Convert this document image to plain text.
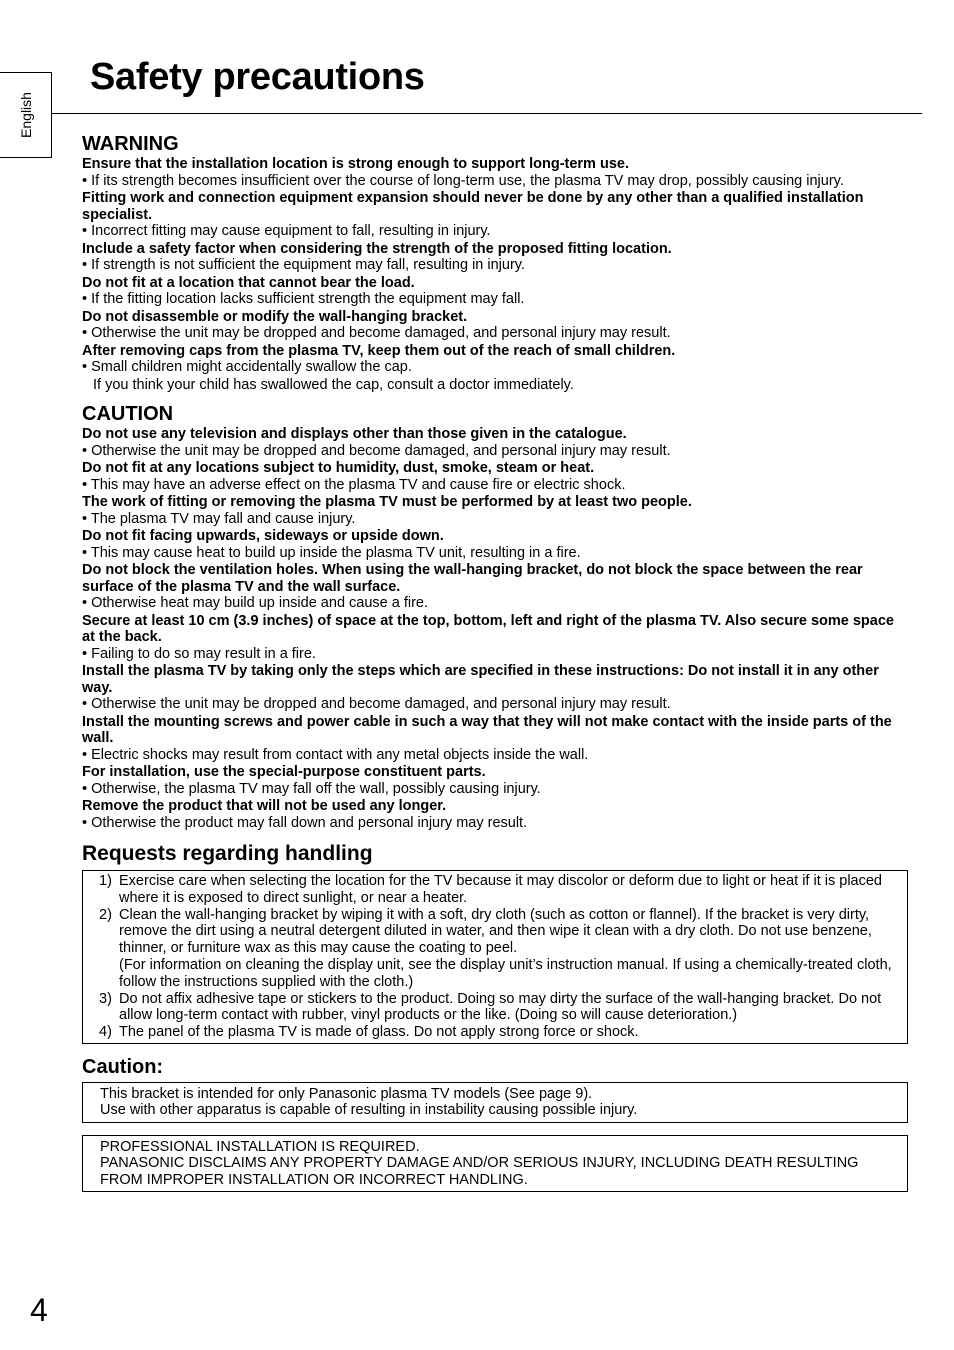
English
Safety precautions
WARNING

Ensure that the installation location is strong enough to support long-term use.

• If its strength becomes insufficient over the course of long-term use, the plasma TV may drop, possibly causing injury.

Fitting work and connection equipment expansion should never be done by any other than a qualified installation specialist.

• Incorrect fitting may cause equipment to fall, resulting in injury.

Include a safety factor when considering the strength of the proposed fitting location.

• If strength is not sufficient the equipment may fall, resulting in injury.

Do not fit at a location that cannot bear the load.

• If the fitting location lacks sufficient strength the equipment may fall.

Do not disassemble or modify the wall-hanging bracket.

• Otherwise the unit may be dropped and become damaged, and personal injury may result.

After removing caps from the plasma TV, keep them out of the reach of small children.

• Small children might accidentally swallow the cap.

If you think your child has swallowed the cap, consult a doctor immediately.

CAUTION

Do not use any television and displays other than those given in the catalogue.

• Otherwise the unit may be dropped and become damaged, and personal injury may result.

Do not fit at any locations subject to humidity, dust, smoke, steam or heat.

• This may have an adverse effect on the plasma TV and cause fire or electric shock.

The work of fitting or removing the plasma TV must be performed by at least two people.

• The plasma TV may fall and cause injury.

Do not fit facing upwards, sideways or upside down.

• This may cause heat to build up inside the plasma TV unit, resulting in a fire.

Do not block the ventilation holes. When using the wall-hanging bracket, do not block the space between the rear surface of the plasma TV and the wall surface.

• Otherwise heat may build up inside and cause a fire.

Secure at least 10 cm (3.9 inches) of space at the top, bottom, left and right of the plasma TV. Also secure some space at the back.

• Failing to do so may result in a fire.

Install the plasma TV by taking only the steps which are specified in these instructions: Do not install it in any other way.

• Otherwise the unit may be dropped and become damaged, and personal injury may result.

Install the mounting screws and power cable in such a way that they will not make contact with the inside parts of the wall.

• Electric shocks may result from contact with any metal objects inside the wall.

For installation, use the special-purpose constituent parts.

• Otherwise, the plasma TV may fall off the wall, possibly causing injury.

Remove the product that will not be used any longer.

• Otherwise the product may fall down and personal injury may result.

Requests regarding handling
1) Exercise care when selecting the location for the TV because it may discolor or deform due to light or heat if it is placed where it is exposed to direct sunlight, or near a heater.

2) Clean the wall-hanging bracket by wiping it with a soft, dry cloth (such as cotton or flannel). If the bracket is very dirty, remove the dirt using a neutral detergent diluted in water, and then wipe it clean with a dry cloth. Do not use benzene, thinner, or furniture wax as this may cause the coating to peel.

(For information on cleaning the display unit, see the display unit’s instruction manual. If using a chemically-treated cloth, follow the instructions supplied with the cloth.)

3) Do not affix adhesive tape or stickers to the product. Doing so may dirty the surface of the wall-hanging bracket. Do not allow long-term contact with rubber, vinyl products or the like. (Doing so will cause deterioration.)

4) The panel of the plasma TV is made of glass. Do not apply strong force or shock.

Caution:

This bracket is intended for only Panasonic plasma TV models (See page 9).

Use with other apparatus is capable of resulting in instability causing possible injury.

PROFESSIONAL INSTALLATION IS REQUIRED.

PANASONIC DISCLAIMS ANY PROPERTY DAMAGE AND/OR SERIOUS INJURY, INCLUDING DEATH RESULTING FROM IMPROPER INSTALLATION OR INCORRECT HANDLING.

4
